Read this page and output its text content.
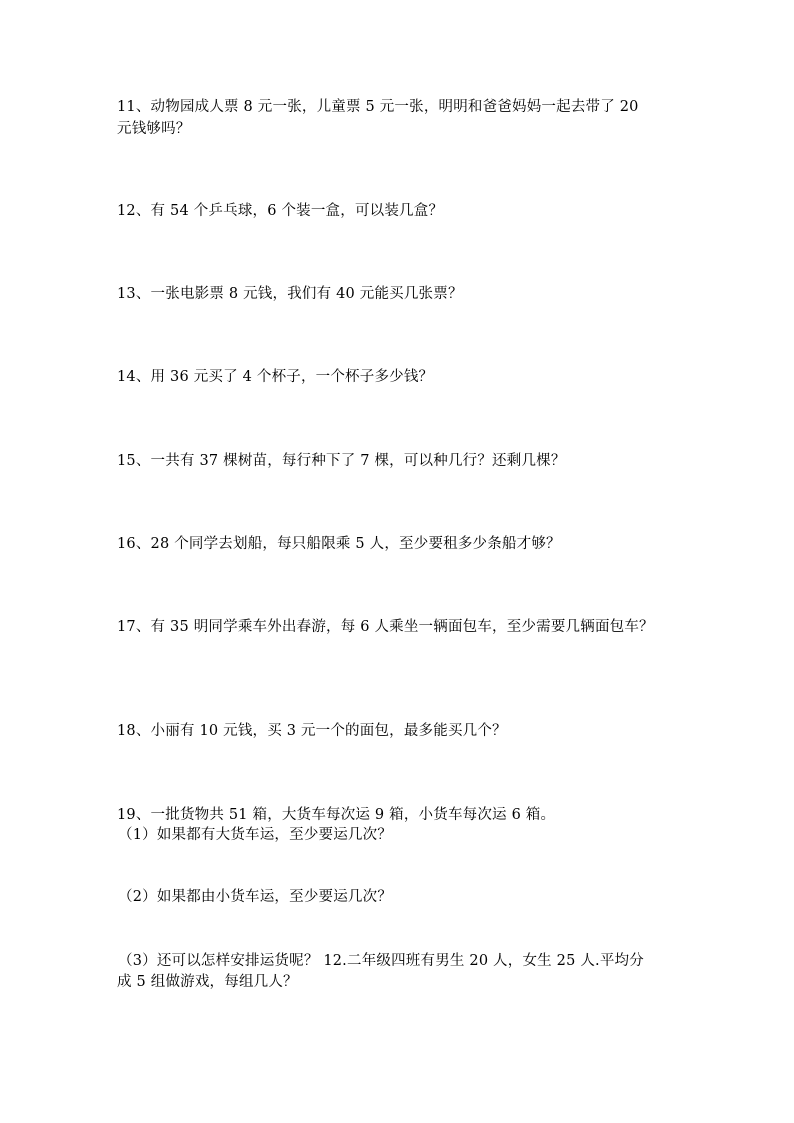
11、动物园成人票 8 元一张，儿童票 5 元一张，明明和爸爸妈妈一起去带了 20
元钱够吗？
12、有 54 个乒乓球，6 个装一盒，可以装几盒？
13、一张电影票 8 元钱，我们有 40 元能买几张票？
14、用 36 元买了 4 个杯子，一个杯子多少钱？
15、一共有 37 棵树苗，每行种下了 7 棵，可以种几行？还剩几棵？
16、28 个同学去划船，每只船限乘 5 人，至少要租多少条船才够？
17、有 35 明同学乘车外出春游，每 6 人乘坐一辆面包车，至少需要几辆面包车？
18、小丽有 10 元钱，买 3 元一个的面包，最多能买几个？
19、一批货物共 51 箱，大货车每次运 9 箱，小货车每次运 6 箱。
（1）如果都有大货车运，至少要运几次？
（2）如果都由小货车运，至少要运几次？
（3）还可以怎样安排运货呢？ 12.二年级四班有男生 20 人，女生 25 人.平均分
成 5 组做游戏，每组几人？
